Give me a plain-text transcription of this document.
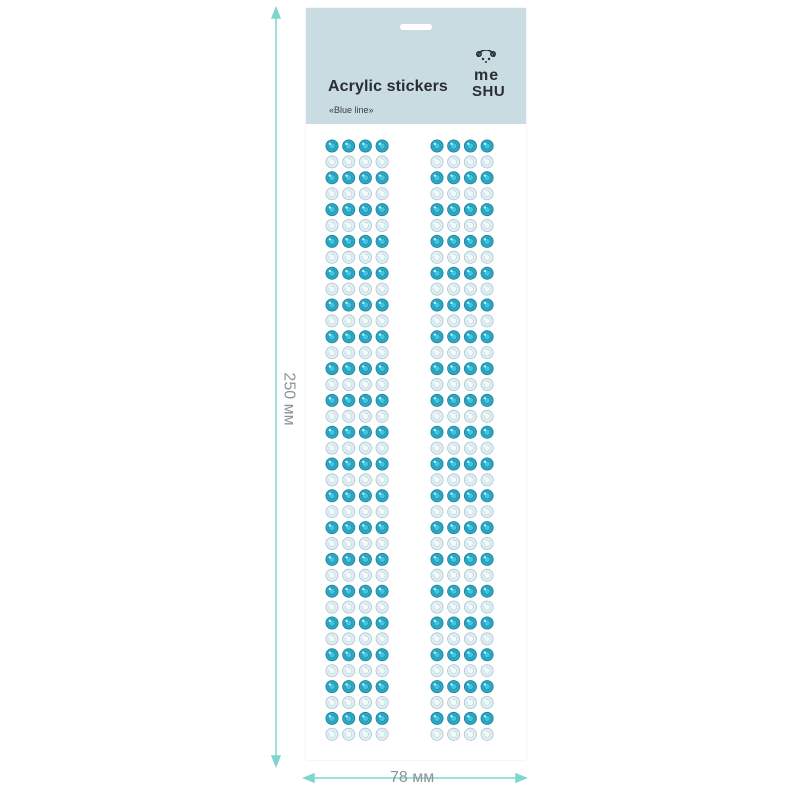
250 мм
78 мм
Acrylic stickers
«Blue line»
me
SHU
